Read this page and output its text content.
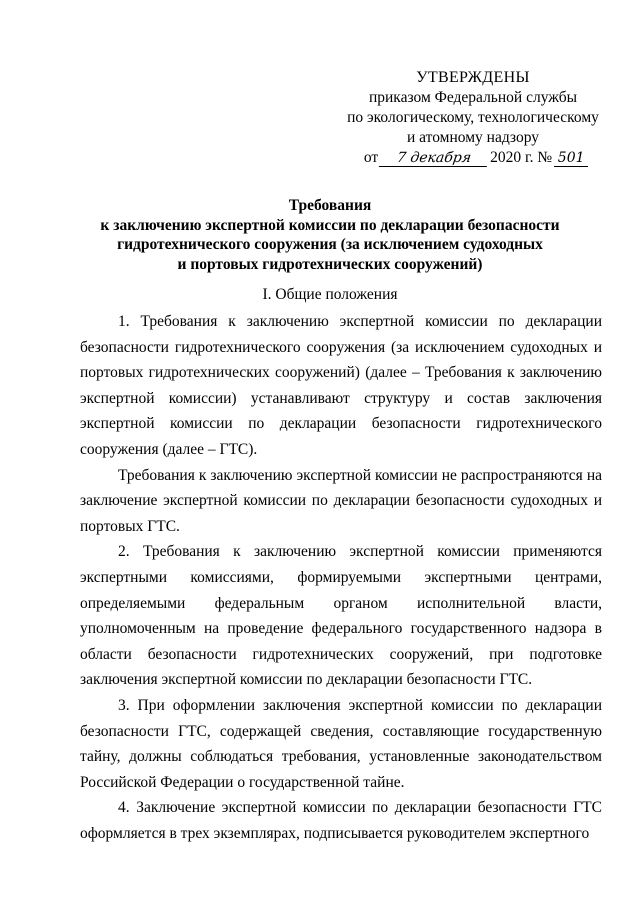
УТВЕРЖДЕНЫ
приказом Федеральной службы
по экологическому, технологическому
и атомному надзору
от	7 декабря	2020 г. № 501
Требования
к заключению экспертной комиссии по декларации безопасности
гидротехнического сооружения (за исключением судоходных
и портовых гидротехнических сооружений)
I. Общие положения

1. Требования к заключению экспертной комиссии по декларации безопасности гидротехнического сооружения (за исключением судоходных и портовых гидротехнических сооружений) (далее – Требования к заключению экспертной комиссии) устанавливают структуру и состав заключения экспертной комиссии по декларации безопасности гидротехнического сооружения (далее – ГТС).

Требования к заключению экспертной комиссии не распространяются на заключение экспертной комиссии по декларации безопасности судоходных и портовых ГТС.

2. Требования к заключению экспертной комиссии применяются экспертными комиссиями, формируемыми экспертными центрами, определяемыми федеральным органом исполнительной власти, уполномоченным на проведение федерального государственного надзора в области безопасности гидротехнических сооружений, при подготовке заключения экспертной комиссии по декларации безопасности ГТС.

3. При оформлении заключения экспертной комиссии по декларации безопасности ГТС, содержащей сведения, составляющие государственную тайну, должны соблюдаться требования, установленные законодательством Российской Федерации о государственной тайне.

4. Заключение экспертной комиссии по декларации безопасности ГТС оформляется в трех экземплярах, подписывается руководителем экспертного
